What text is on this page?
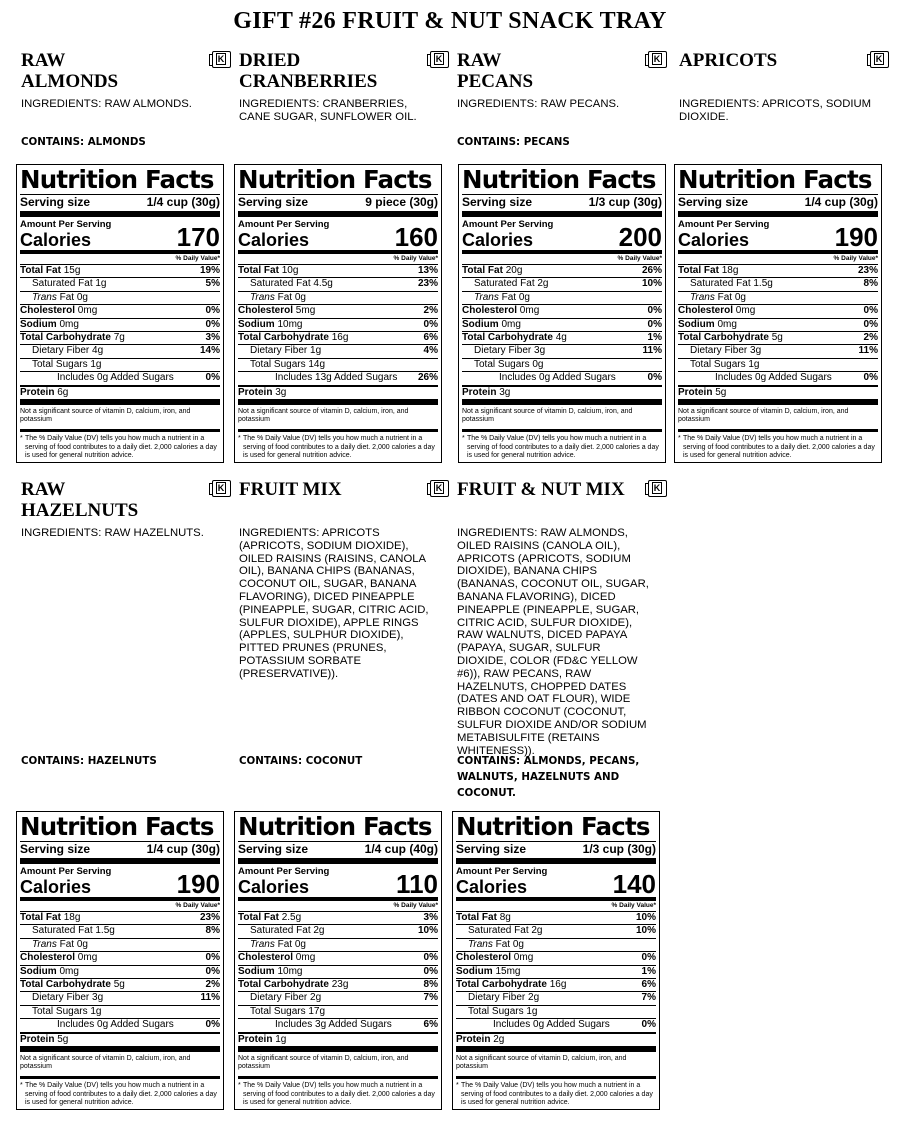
GIFT #26 FRUIT & NUT SNACK TRAY
RAW
ALMONDS
K
INGREDIENTS: RAW ALMONDS.
CONTAINS: ALMONDS
Nutrition Facts
Serving size	1/4 cup (30g)
Amount Per Serving
Calories	170
% Daily Value*
Total Fat 15g	19%
Saturated Fat 1g	5%
Trans Fat 0g
Cholesterol 0mg	0%
Sodium 0mg	0%
Total Carbohydrate 7g	3%
Dietary Fiber 4g	14%
Total Sugars 1g
Includes 0g Added Sugars	0%
Protein 6g
Not a significant source of vitamin D, calcium, iron, and potassium
* The % Daily Value (DV) tells you how much a nutrient in a serving of food contributes to a daily diet. 2,000 calories a day is used for general nutrition advice.
DRIED
CRANBERRIES
K
INGREDIENTS: CRANBERRIES, CANE SUGAR, SUNFLOWER OIL.
Nutrition Facts
Serving size	9 piece (30g)
Amount Per Serving
Calories	160
% Daily Value*
Total Fat 10g	13%
Saturated Fat 4.5g	23%
Trans Fat 0g
Cholesterol 5mg	2%
Sodium 10mg	0%
Total Carbohydrate 16g	6%
Dietary Fiber 1g	4%
Total Sugars 14g
Includes 13g Added Sugars 26%
Protein 3g
Not a significant source of vitamin D, calcium, iron, and potassium
* The % Daily Value (DV) tells you how much a nutrient in a serving of food contributes to a daily diet. 2,000 calories a day is used for general nutrition advice.
RAW
PECANS
K
INGREDIENTS: RAW PECANS.
CONTAINS: PECANS
Nutrition Facts
Serving size	1/3 cup (30g)
Amount Per Serving
Calories	200
% Daily Value*
Total Fat 20g	26%
Saturated Fat 2g	10%
Trans Fat 0g
Cholesterol 0mg	0%
Sodium 0mg	0%
Total Carbohydrate 4g	1%
Dietary Fiber 3g	11%
Total Sugars 0g
Includes 0g Added Sugars	0%
Protein 3g
Not a significant source of vitamin D, calcium, iron, and potassium
* The % Daily Value (DV) tells you how much a nutrient in a serving of food contributes to a daily diet. 2,000 calories a day is used for general nutrition advice.
APRICOTS	K
INGREDIENTS: APRICOTS, SODIUM DIOXIDE.
Nutrition Facts
Serving size	1/4 cup (30g)
Amount Per Serving
Calories	190
% Daily Value*
Total Fat 18g	23%
Saturated Fat 1.5g	8%
Trans Fat 0g
Cholesterol 0mg	0%
Sodium 0mg	0%
Total Carbohydrate 5g	2%
Dietary Fiber 3g	11%
Total Sugars 1g
Includes 0g Added Sugars	0%
Protein 5g
Not a significant source of vitamin D, calcium, iron, and potassium
* The % Daily Value (DV) tells you how much a nutrient in a serving of food contributes to a daily diet. 2,000 calories a day is used for general nutrition advice.
RAW
HAZELNUTS
K
INGREDIENTS: RAW HAZELNUTS.
CONTAINS: HAZELNUTS
Nutrition Facts
Serving size	1/4 cup (30g)
Amount Per Serving
Calories	190
% Daily Value*
Total Fat 18g	23%
Saturated Fat 1.5g	8%
Trans Fat 0g
Cholesterol 0mg	0%
Sodium 0mg	0%
Total Carbohydrate 5g	2%
Dietary Fiber 3g	11%
Total Sugars 1g
Includes 0g Added Sugars	0%
Protein 5g
Not a significant source of vitamin D, calcium, iron, and potassium
* The % Daily Value (DV) tells you how much a nutrient in a serving of food contributes to a daily diet. 2,000 calories a day is used for general nutrition advice.
FRUIT MIX	K
INGREDIENTS: APRICOTS (APRICOTS, SODIUM DIOXIDE), OILED RAISINS (RAISINS, CANOLA OIL), BANANA CHIPS (BANANAS, COCONUT OIL, SUGAR, BANANA FLAVORING), DICED PINEAPPLE (PINEAPPLE, SUGAR, CITRIC ACID, SULFUR DIOXIDE), APPLE RINGS (APPLES, SULPHUR DIOXIDE), PITTED PRUNES (PRUNES, POTASSIUM SORBATE (PRESERVATIVE)).
CONTAINS: COCONUT
Nutrition Facts
Serving size	1/4 cup (40g)
Amount Per Serving
Calories	110
% Daily Value*
Total Fat 2.5g	3%
Saturated Fat 2g	10%
Trans Fat 0g
Cholesterol 0mg	0%
Sodium 10mg	0%
Total Carbohydrate 23g	8%
Dietary Fiber 2g	7%
Total Sugars 17g
Includes 3g Added Sugars	6%
Protein 1g
Not a significant source of vitamin D, calcium, iron, and potassium
* The % Daily Value (DV) tells you how much a nutrient in a serving of food contributes to a daily diet. 2,000 calories a day is used for general nutrition advice.
FRUIT & NUT MIX	K
INGREDIENTS: RAW ALMONDS, OILED RAISINS (CANOLA OIL), APRICOTS (APRICOTS, SODIUM DIOXIDE), BANANA CHIPS (BANANAS, COCONUT OIL, SUGAR, BANANA FLAVORING), DICED PINEAPPLE (PINEAPPLE, SUGAR, CITRIC ACID, SULFUR DIOXIDE), RAW WALNUTS, DICED PAPAYA (PAPAYA, SUGAR, SULFUR DIOXIDE, COLOR (FD&C YELLOW #6)), RAW PECANS, RAW HAZELNUTS, CHOPPED DATES (DATES AND OAT FLOUR), WIDE RIBBON COCONUT (COCONUT, SULFUR DIOXIDE AND/OR SODIUM METABISULFITE (RETAINS WHITENESS)).
CONTAINS: ALMONDS, PECANS, WALNUTS, HAZELNUTS AND COCONUT.
Nutrition Facts
Serving size	1/3 cup (30g)
Amount Per Serving
Calories	140
% Daily Value*
Total Fat 8g	10%
Saturated Fat 2g	10%
Trans Fat 0g
Cholesterol 0mg	0%
Sodium 15mg	1%
Total Carbohydrate 16g	6%
Dietary Fiber 2g	7%
Total Sugars 1g
Includes 0g Added Sugars	0%
Protein 2g
Not a significant source of vitamin D, calcium, iron, and potassium
* The % Daily Value (DV) tells you how much a nutrient in a serving of food contributes to a daily diet. 2,000 calories a day is used for general nutrition advice.
